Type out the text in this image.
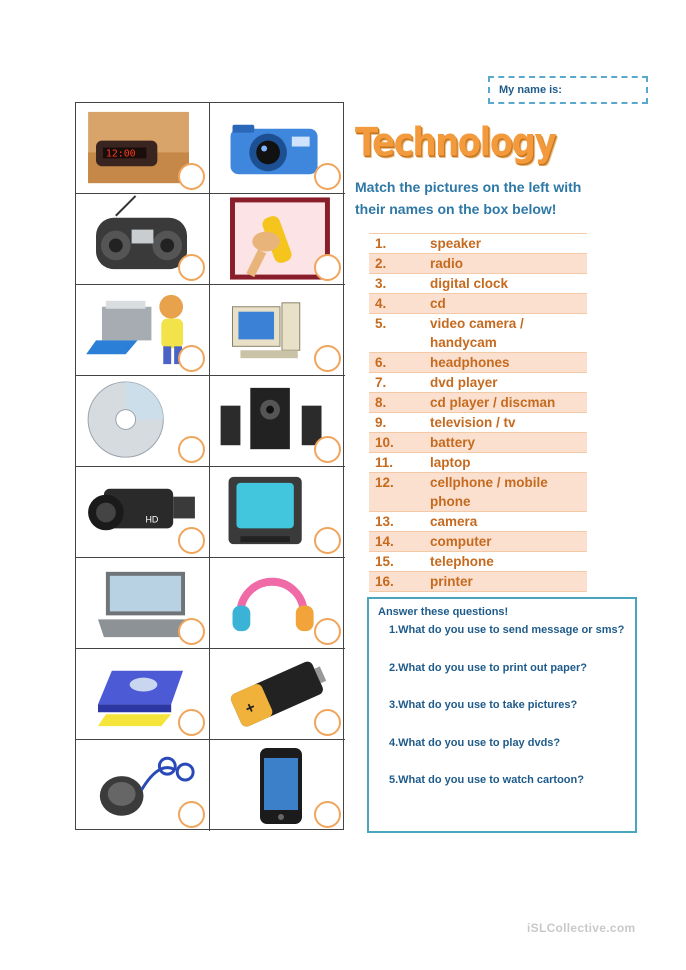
My name is:
12:00
HD
+
Technology
Match the pictures on the left with their names on the box below!
1.	speaker
2.	radio
3.	digital clock
4.	cd
5.	video camera / handycam
6.	headphones
7.	dvd player
8.	cd player / discman
9.	television / tv
10.	battery
11.	laptop
12.	cellphone / mobile phone
13.	camera
14.	computer
15.	telephone
16.	printer
Answer these questions!
1.What do you use to send message or sms?
2.What do you use to print out paper?
3.What do you use to take pictures?
4.What do you use to play dvds?
5.What do you use to watch cartoon?
iSLCollective.com
